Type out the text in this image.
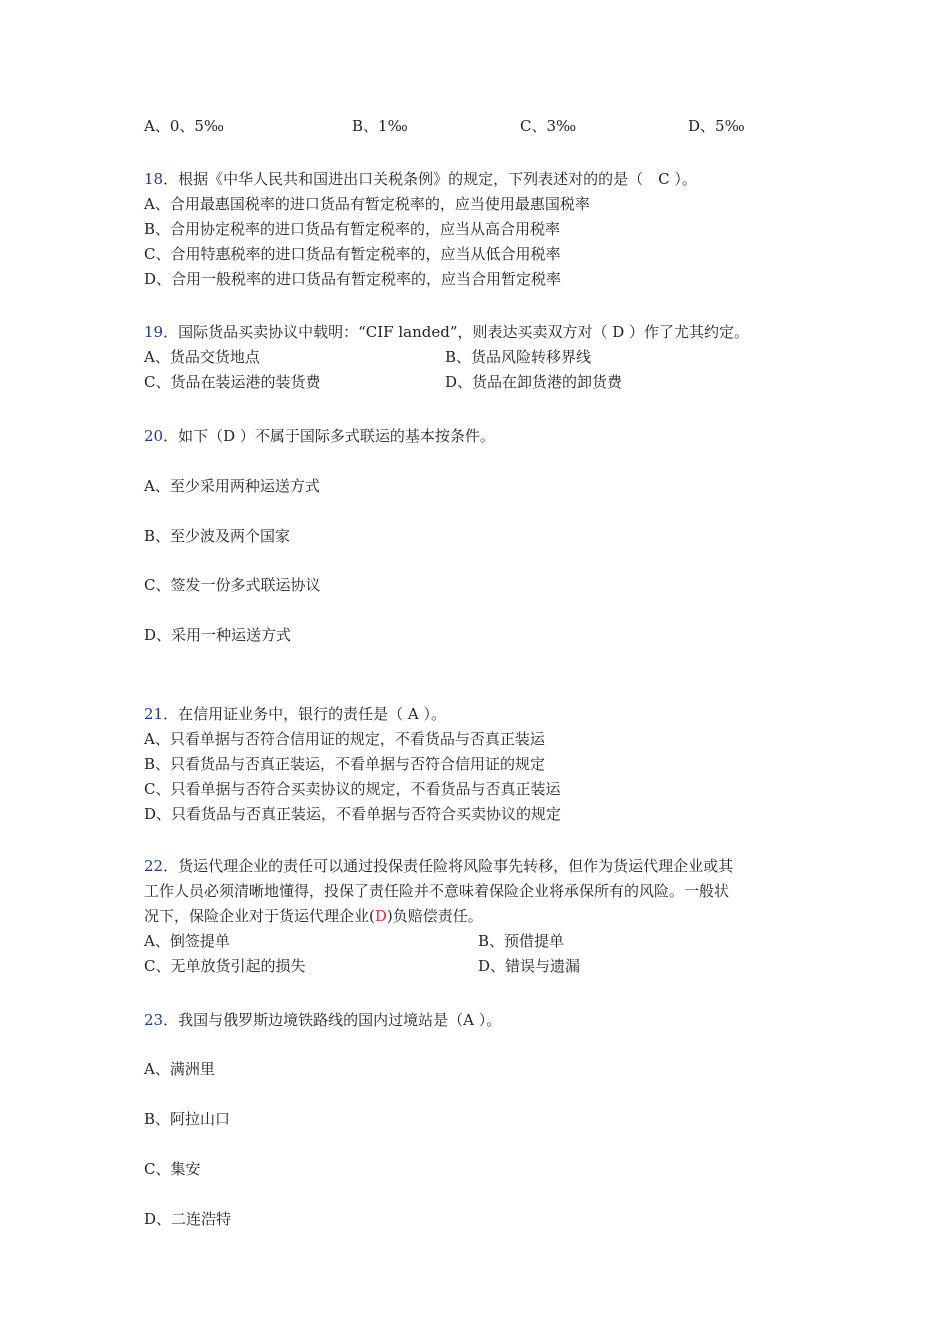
A、0、5‰	B、1‰	C、3‰	D、5‰
18．根据《中华人民共和国进出口关税条例》的规定，下列表述对的的是（　C ）。
A、合用最惠国税率的进口货品有暂定税率的，应当使用最惠国税率
B、合用协定税率的进口货品有暂定税率的，应当从高合用税率
C、合用特惠税率的进口货品有暂定税率的，应当从低合用税率
D、合用一般税率的进口货品有暂定税率的，应当合用暂定税率
19．国际货品买卖协议中载明：“CIF landed”，则表达买卖双方对（ D ）作了尤其约定。
A、货品交货地点	B、货品风险转移界线
C、货品在装运港的装货费	D、货品在卸货港的卸货费
20．如下（D ）不属于国际多式联运的基本按条件。
A、至少采用两种运送方式
B、至少波及两个国家
C、签发一份多式联运协议
D、采用一种运送方式
21．在信用证业务中，银行的责任是（ A ）。
A、只看单据与否符合信用证的规定，不看货品与否真正装运
B、只看货品与否真正装运，不看单据与否符合信用证的规定
C、只看单据与否符合买卖协议的规定，不看货品与否真正装运
D、只看货品与否真正装运，不看单据与否符合买卖协议的规定
22．货运代理企业的责任可以通过投保责任险将风险事先转移，但作为货运代理企业或其
工作人员必须清晰地懂得，投保了责任险并不意味着保险企业将承保所有的风险。一般状
况下，保险企业对于货运代理企业(D)负赔偿责任。
A、倒签提单	B、预借提单
C、无单放货引起的损失	D、错误与遗漏
23．我国与俄罗斯边境铁路线的国内过境站是（A ）。
A、满洲里
B、阿拉山口
C、集安
D、二连浩特
